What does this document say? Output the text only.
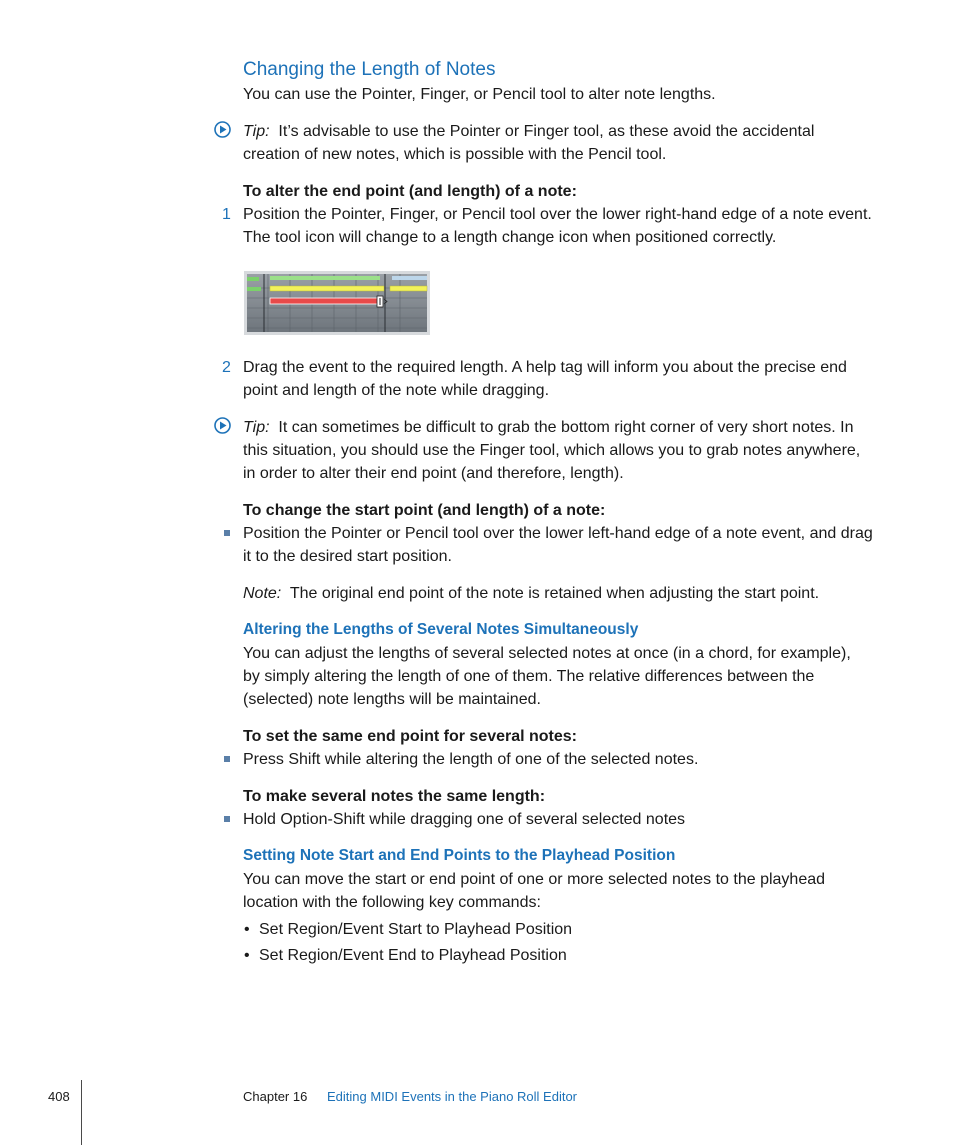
Changing the Length of Notes

You can use the Pointer, Finger, or Pencil tool to alter note lengths.

Tip: It’s advisable to use the Pointer or Finger tool, as these avoid the accidental creation of new notes, which is possible with the Pencil tool.

To alter the end point (and length) of a note:

1 Position the Pointer, Finger, or Pencil tool over the lower right-hand edge of a note event. The tool icon will change to a length change icon when positioned correctly.

2 Drag the event to the required length. A help tag will inform you about the precise end point and length of the note while dragging.

Tip: It can sometimes be difficult to grab the bottom right corner of very short notes. In this situation, you should use the Finger tool, which allows you to grab notes anywhere, in order to alter their end point (and therefore, length).

To change the start point (and length) of a note:

Position the Pointer or Pencil tool over the lower left-hand edge of a note event, and drag it to the desired start position.

Note: The original end point of the note is retained when adjusting the start point.

Altering the Lengths of Several Notes Simultaneously

You can adjust the lengths of several selected notes at once (in a chord, for example), by simply altering the length of one of them. The relative differences between the (selected) note lengths will be maintained.

To set the same end point for several notes:

Press Shift while altering the length of one of the selected notes.

To make several notes the same length:

Hold Option-Shift while dragging one of several selected notes

Setting Note Start and End Points to the Playhead Position

You can move the start or end point of one or more selected notes to the playhead location with the following key commands:

• Set Region/Event Start to Playhead Position

• Set Region/Event End to Playhead Position

408	Chapter 16 Editing MIDI Events in the Piano Roll Editor
